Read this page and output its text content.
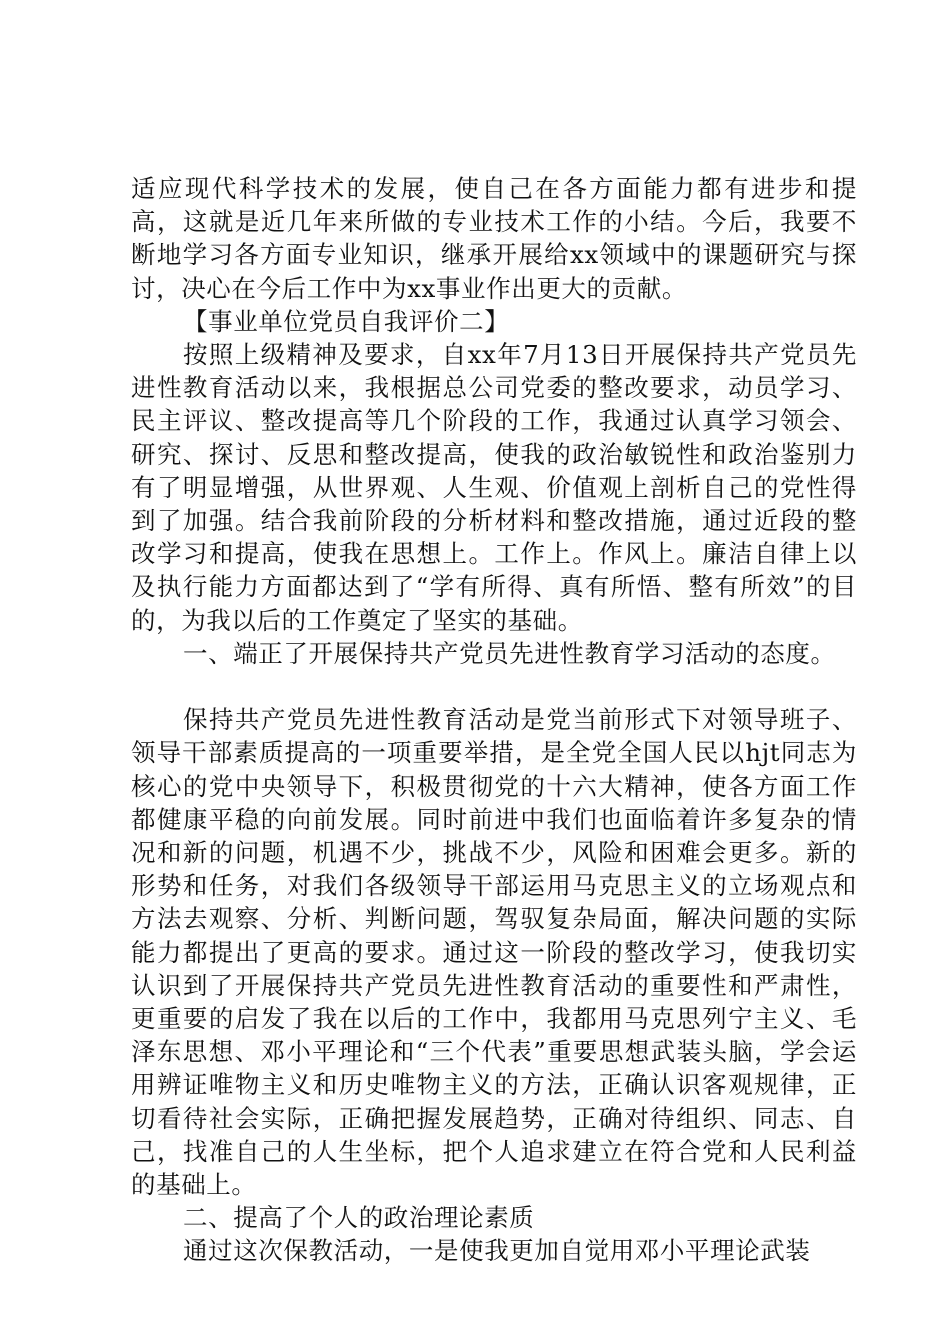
适应现代科学技术的发展，使自己在各方面能力都有进步和提高，这就是近几年来所做的专业技术工作的小结。今后，我要不断地学习各方面专业知识，继承开展给xx领域中的课题研究与探讨，决心在今后工作中为xx事业作出更大的贡献。

【事业单位党员自我评价二】

按照上级精神及要求，自xx年7月13日开展保持共产党员先进性教育活动以来，我根据总公司党委的整改要求，动员学习、民主评议、整改提高等几个阶段的工作，我通过认真学习领会、研究、探讨、反思和整改提高，使我的政治敏锐性和政治鉴别力有了明显增强，从世界观、人生观、价值观上剖析自己的党性得到了加强。结合我前阶段的分析材料和整改措施，通过近段的整改学习和提高，使我在思想上。工作上。作风上。廉洁自律上以及执行能力方面都达到了“学有所得、真有所悟、整有所效”的目的，为我以后的工作奠定了坚实的基础。

一、端正了开展保持共产党员先进性教育学习活动的态度。

保持共产党员先进性教育活动是党当前形式下对领导班子、领导干部素质提高的一项重要举措，是全党全国人民以hjt同志为核心的党中央领导下，积极贯彻党的十六大精神，使各方面工作都健康平稳的向前发展。同时前进中我们也面临着许多复杂的情况和新的问题，机遇不少，挑战不少，风险和困难会更多。新的形势和任务，对我们各级领导干部运用马克思主义的立场观点和方法去观察、分析、判断问题，驾驭复杂局面，解决问题的实际能力都提出了更高的要求。通过这一阶段的整改学习，使我切实认识到了开展保持共产党员先进性教育活动的重要性和严肃性，更重要的启发了我在以后的工作中，我都用马克思列宁主义、毛泽东思想、邓小平理论和“三个代表”重要思想武装头脑，学会运用辨证唯物主义和历史唯物主义的方法，正确认识客观规律，正切看待社会实际，正确把握发展趋势，正确对待组织、同志、自己，找准自己的人生坐标，把个人追求建立在符合党和人民利益的基础上。

二、提高了个人的政治理论素质

通过这次保教活动，一是使我更加自觉用邓小平理论武装
